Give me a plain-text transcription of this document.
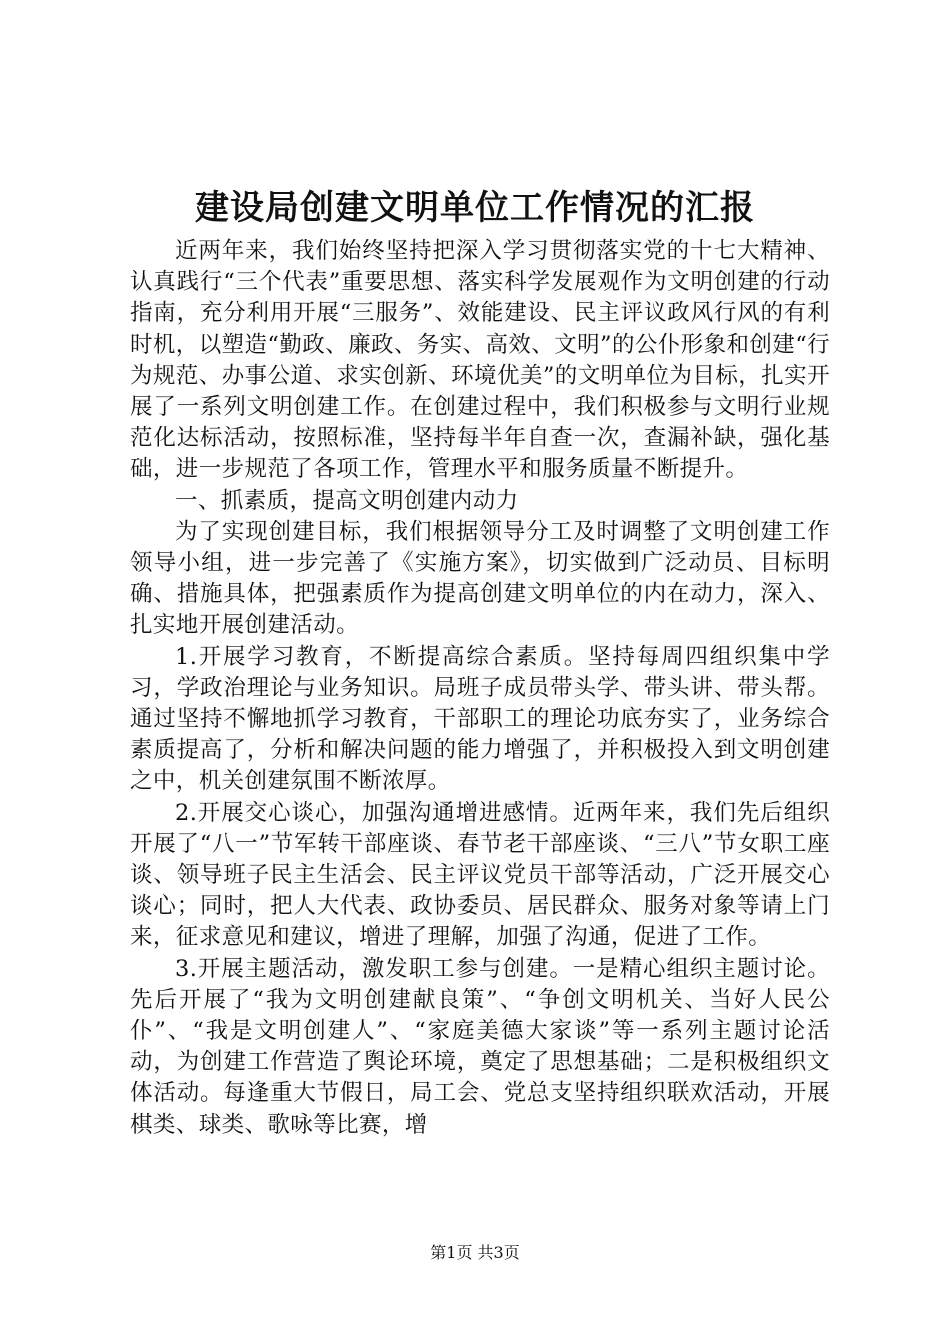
建设局创建文明单位工作情况的汇报

近两年来，我们始终坚持把深入学习贯彻落实党的十七大精神、认真践行“三个代表”重要思想、落实科学发展观作为文明创建的行动指南，充分利用开展“三服务”、效能建设、民主评议政风行风的有利时机，以塑造“勤政、廉政、务实、高效、文明”的公仆形象和创建“行为规范、办事公道、求实创新、环境优美”的文明单位为目标，扎实开展了一系列文明创建工作。在创建过程中，我们积极参与文明行业规范化达标活动，按照标准，坚持每半年自查一次，查漏补缺，强化基础，进一步规范了各项工作，管理水平和服务质量不断提升。

一、抓素质，提高文明创建内动力

为了实现创建目标，我们根据领导分工及时调整了文明创建工作领导小组，进一步完善了《实施方案》，切实做到广泛动员、目标明确、措施具体，把强素质作为提高创建文明单位的内在动力，深入、扎实地开展创建活动。

1.开展学习教育，不断提高综合素质。坚持每周四组织集中学习，学政治理论与业务知识。局班子成员带头学、带头讲、带头帮。通过坚持不懈地抓学习教育，干部职工的理论功底夯实了，业务综合素质提高了，分析和解决问题的能力增强了，并积极投入到文明创建之中，机关创建氛围不断浓厚。

2.开展交心谈心，加强沟通增进感情。近两年来，我们先后组织开展了“八一”节军转干部座谈、春节老干部座谈、“三八”节女职工座谈、领导班子民主生活会、民主评议党员干部等活动，广泛开展交心谈心；同时，把人大代表、政协委员、居民群众、服务对象等请上门来，征求意见和建议，增进了理解，加强了沟通，促进了工作。

3.开展主题活动，激发职工参与创建。一是精心组织主题讨论。先后开展了“我为文明创建献良策”、“争创文明机关、当好人民公仆”、“我是文明创建人”、“家庭美德大家谈”等一系列主题讨论活动，为创建工作营造了舆论环境，奠定了思想基础；二是积极组织文体活动。每逢重大节假日，局工会、党总支坚持组织联欢活动，开展棋类、球类、歌咏等比赛，增

第1页 共3页
